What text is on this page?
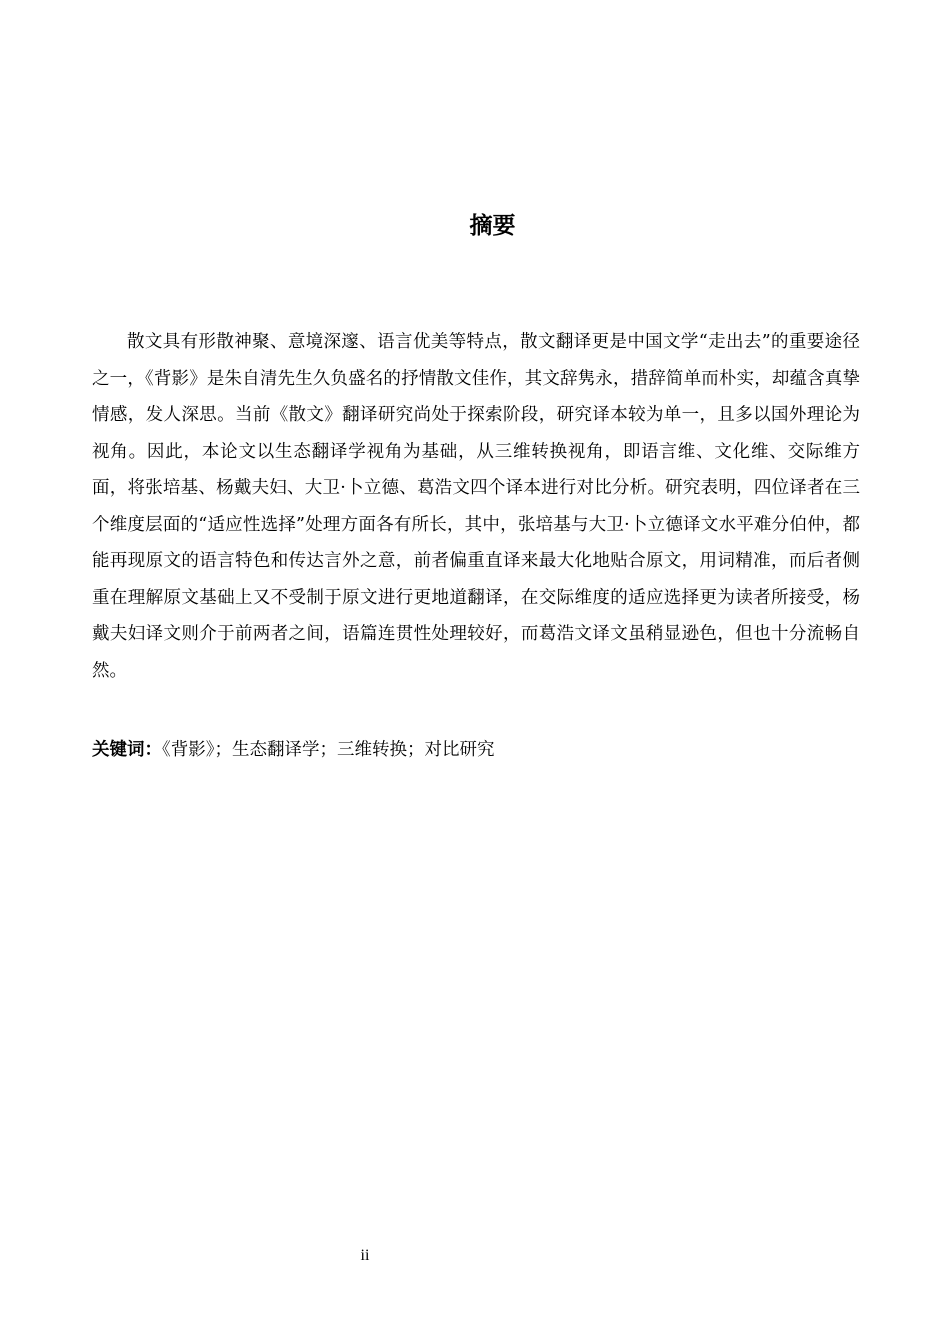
摘要

散文具有形散神聚、意境深邃、语言优美等特点，散文翻译更是中国文学“走出去”的重要途径之一，《背影》是朱自清先生久负盛名的抒情散文佳作，其文辞隽永，措辞简单而朴实，却蕴含真挚情感，发人深思。当前《散文》翻译研究尚处于探索阶段，研究译本较为单一，且多以国外理论为视角。因此，本论文以生态翻译学视角为基础，从三维转换视角，即语言维、文化维、交际维方面，将张培基、杨戴夫妇、大卫·卜立德、葛浩文四个译本进行对比分析。研究表明，四位译者在三个维度层面的“适应性选择”处理方面各有所长，其中，张培基与大卫·卜立德译文水平难分伯仲，都能再现原文的语言特色和传达言外之意，前者偏重直译来最大化地贴合原文，用词精准，而后者侧重在理解原文基础上又不受制于原文进行更地道翻译，在交际维度的适应选择更为读者所接受，杨戴夫妇译文则介于前两者之间，语篇连贯性处理较好，而葛浩文译文虽稍显逊色，但也十分流畅自然。

关键词：《背影》；生态翻译学；三维转换；对比研究

ii
